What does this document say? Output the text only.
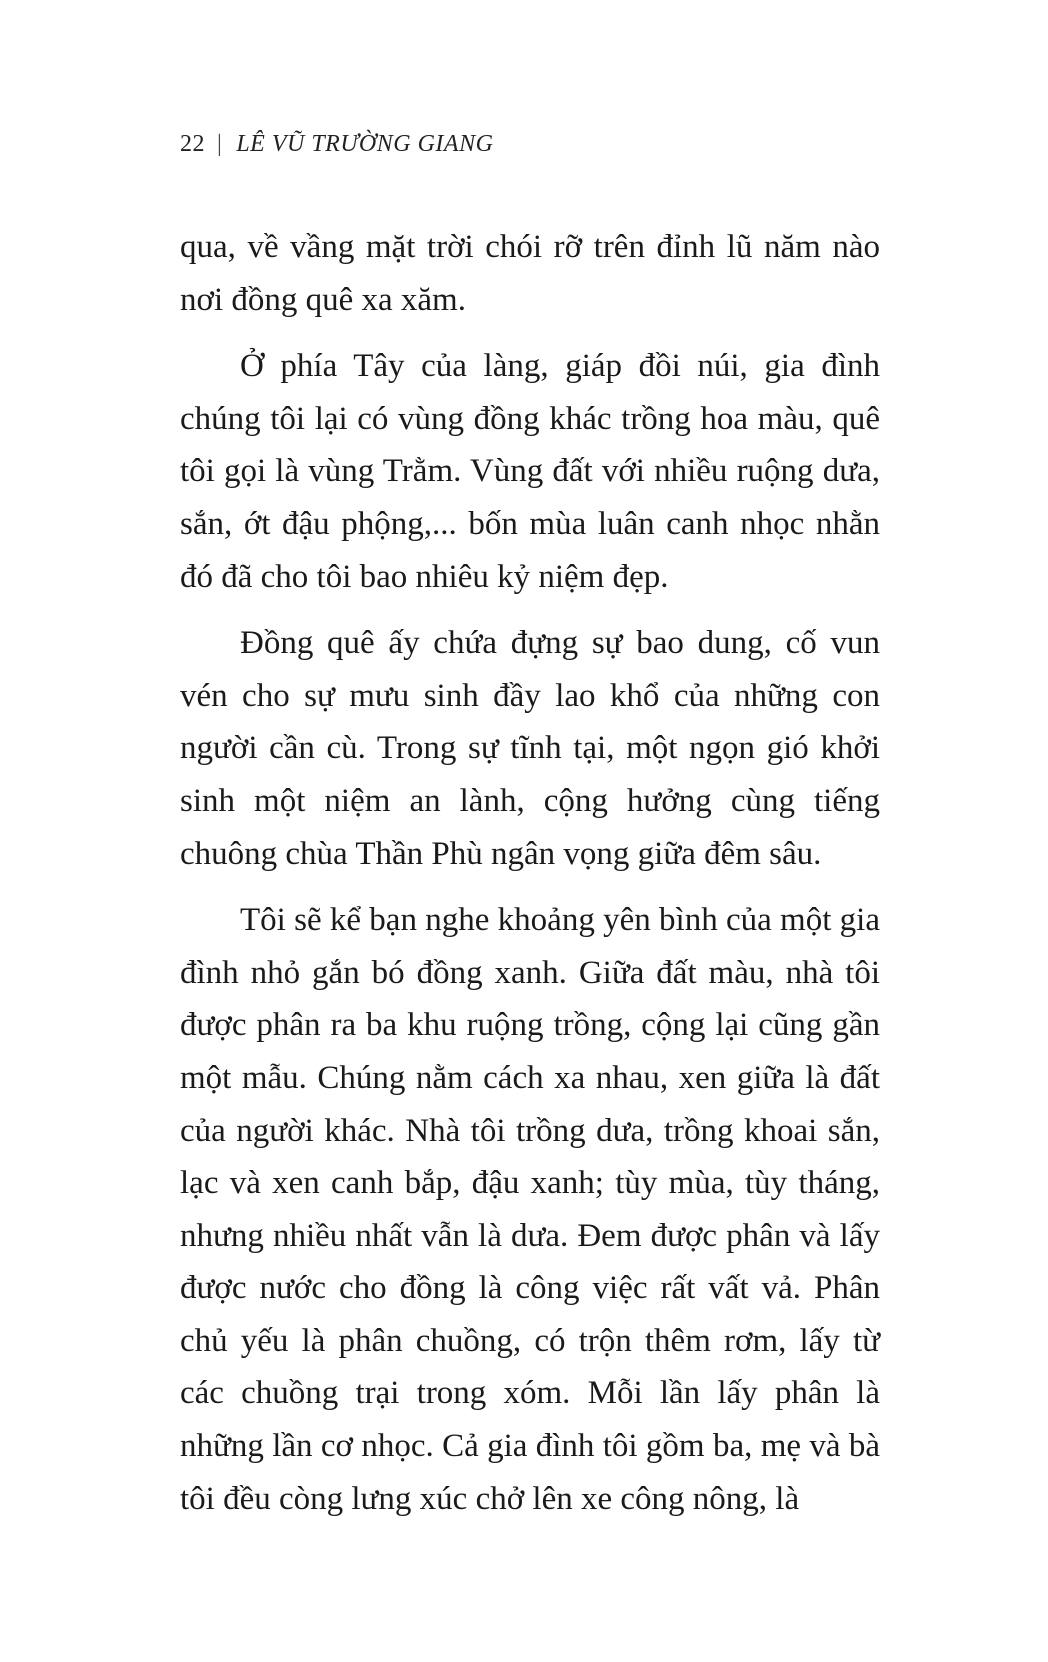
22 | LÊ VŨ TRƯỜNG GIANG

qua, về vầng mặt trời chói rỡ trên đỉnh lũ năm nào nơi đồng quê xa xăm.

Ở phía Tây của làng, giáp đồi núi, gia đình chúng tôi lại có vùng đồng khác trồng hoa màu, quê tôi gọi là vùng Trằm. Vùng đất với nhiều ruộng dưa, sắn, ớt đậu phộng,... bốn mùa luân canh nhọc nhằn đó đã cho tôi bao nhiêu kỷ niệm đẹp.

Đồng quê ấy chứa đựng sự bao dung, cố vun vén cho sự mưu sinh đầy lao khổ của những con người cần cù. Trong sự tĩnh tại, một ngọn gió khởi sinh một niệm an lành, cộng hưởng cùng tiếng chuông chùa Thần Phù ngân vọng giữa đêm sâu.

Tôi sẽ kể bạn nghe khoảng yên bình của một gia đình nhỏ gắn bó đồng xanh. Giữa đất màu, nhà tôi được phân ra ba khu ruộng trồng, cộng lại cũng gần một mẫu. Chúng nằm cách xa nhau, xen giữa là đất của người khác. Nhà tôi trồng dưa, trồng khoai sắn, lạc và xen canh bắp, đậu xanh; tùy mùa, tùy tháng, nhưng nhiều nhất vẫn là dưa. Đem được phân và lấy được nước cho đồng là công việc rất vất vả. Phân chủ yếu là phân chuồng, có trộn thêm rơm, lấy từ các chuồng trại trong xóm. Mỗi lần lấy phân là những lần cơ nhọc. Cả gia đình tôi gồm ba, mẹ và bà tôi đều còng lưng xúc chở lên xe công nông, là
